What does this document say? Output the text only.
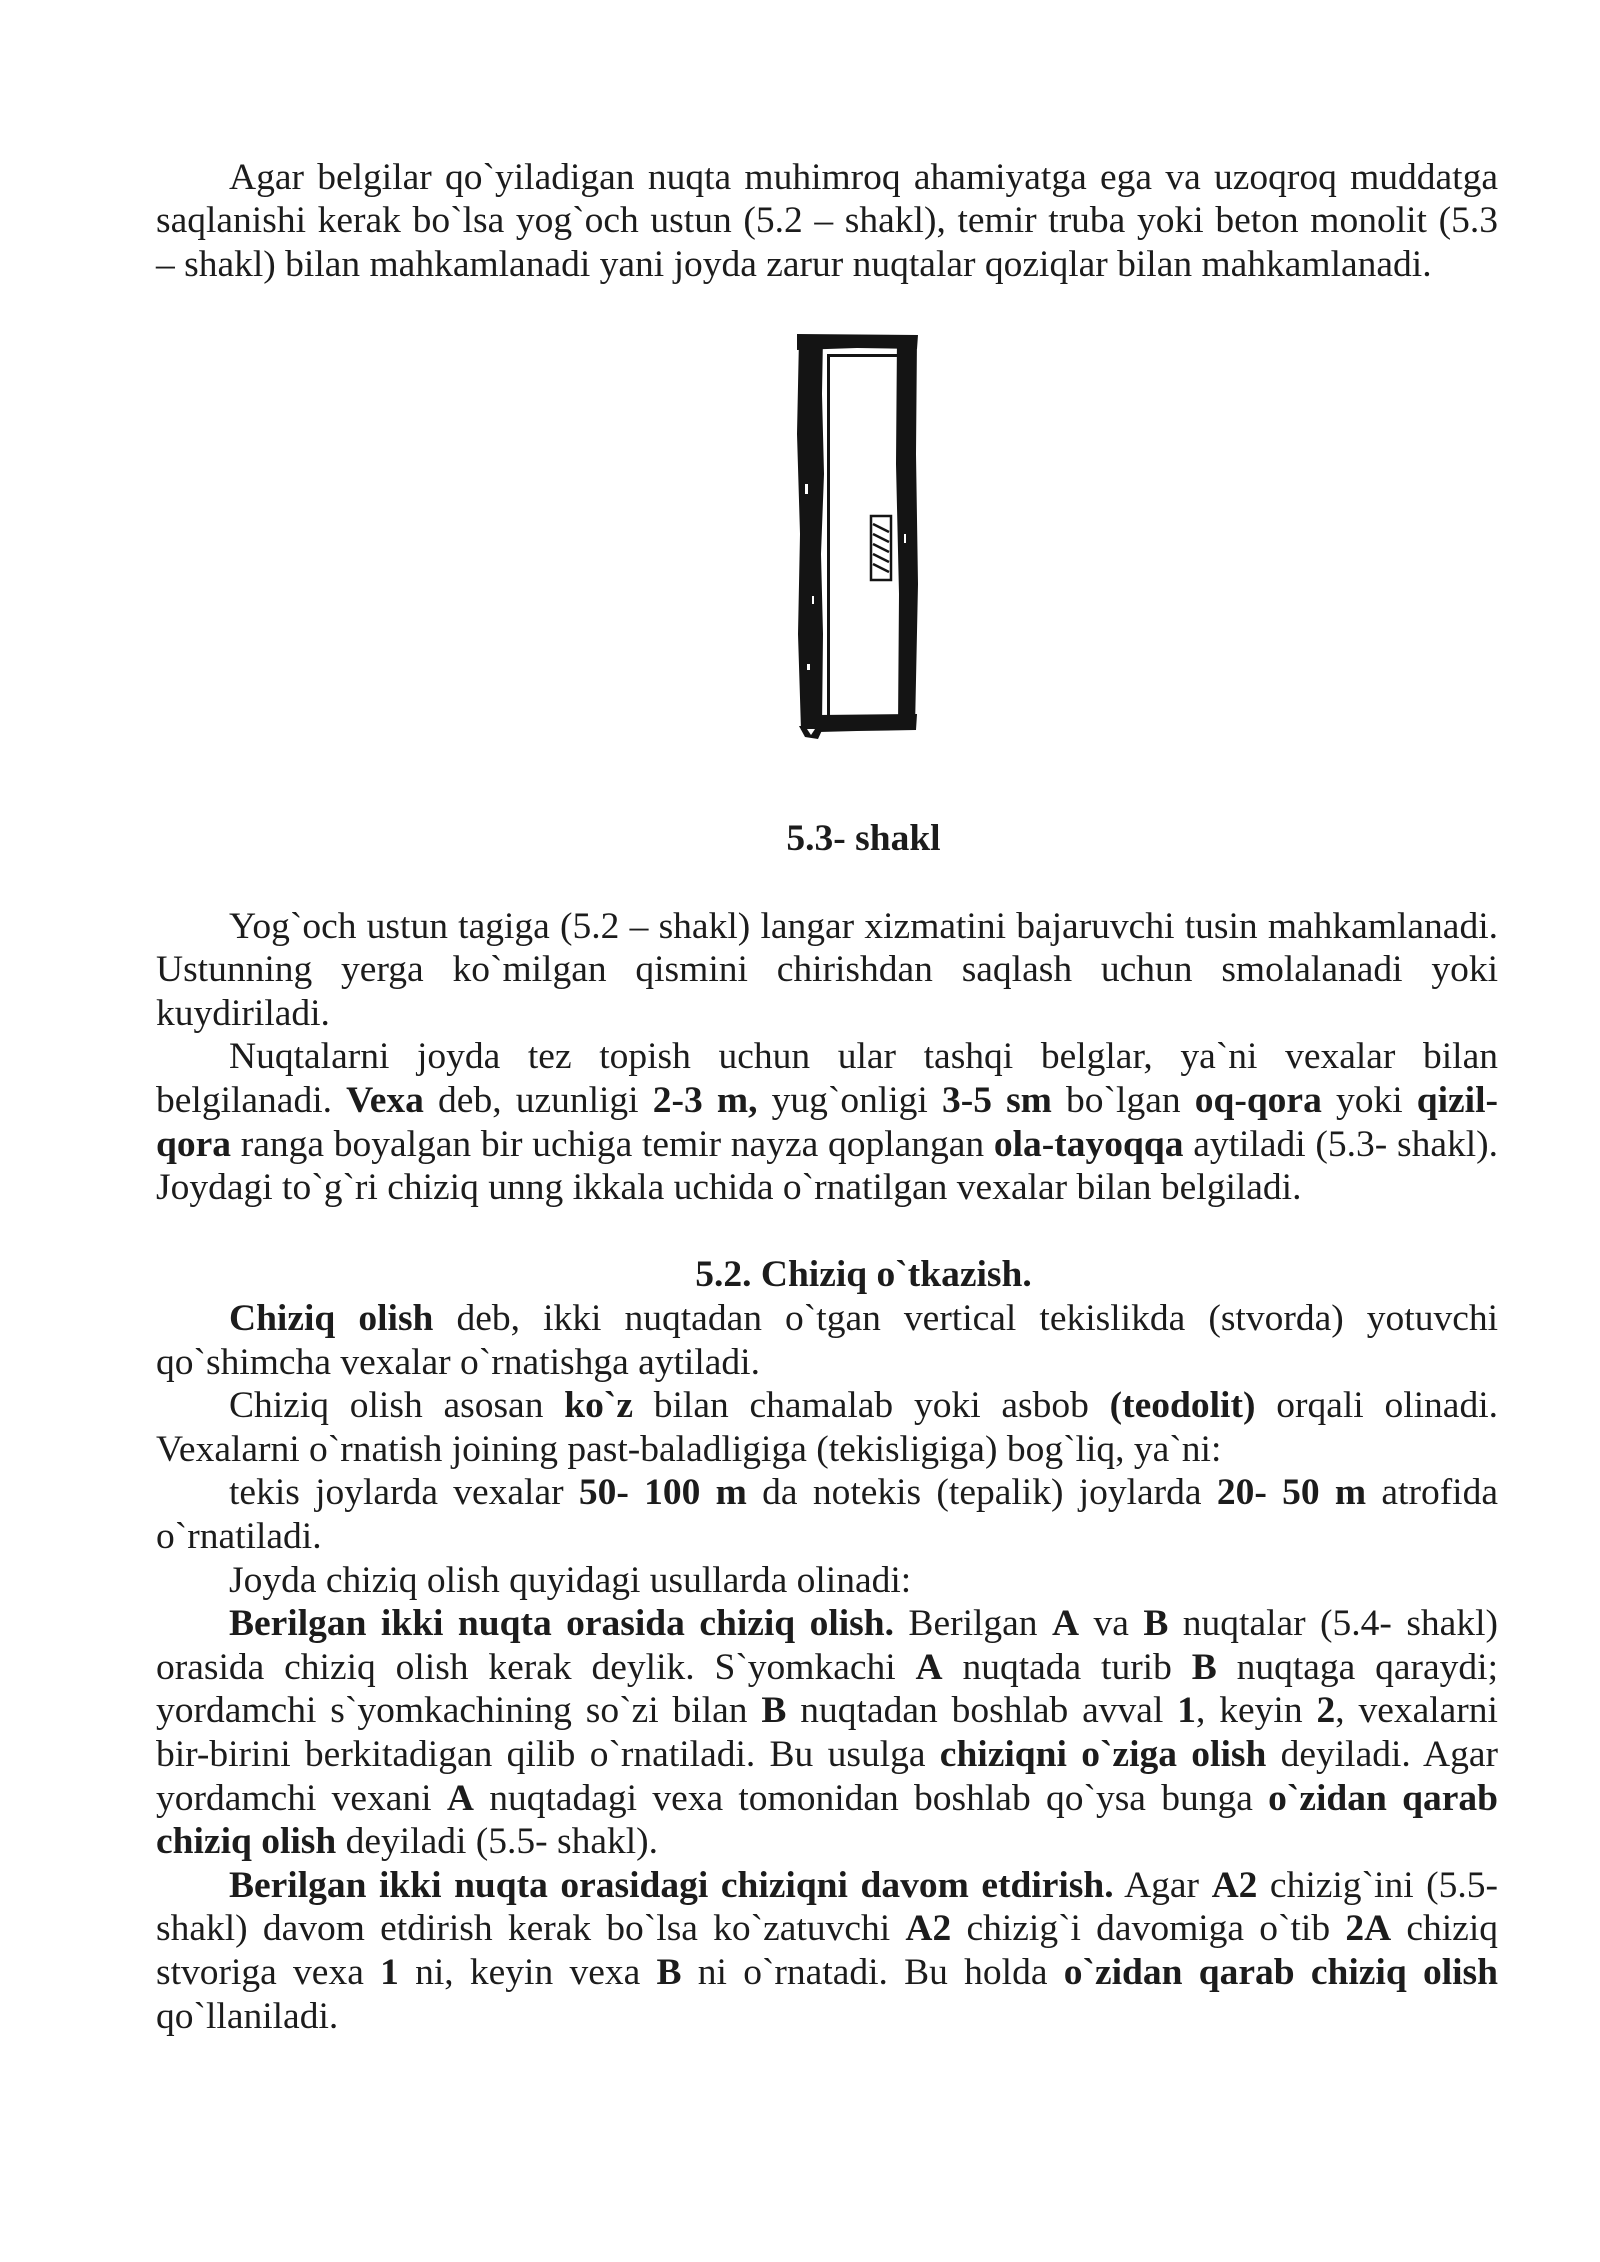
Agar belgilar qo`yiladigan nuqta muhimroq ahamiyatga ega va uzoqroq muddatga
saqlanishi kerak bo`lsa yog`och ustun (5.2 – shakl), temir truba yoki beton monolit (5.3
– shakl) bilan mahkamlanadi yani joyda zarur nuqtalar qoziqlar bilan mahkamlanadi.
5.3- shakl
Yog`och ustun tagiga (5.2 – shakl) langar xizmatini bajaruvchi tusin mahkamlanadi.
Ustunning yerga ko`milgan qismini chirishdan saqlash uchun smolalanadi yoki
kuydiriladi.
Nuqtalarni joyda tez topish uchun ular tashqi belglar, ya`ni vexalar bilan
belgilanadi. Vexa deb, uzunligi 2-3 m, yug`onligi 3-5 sm bo`lgan oq-qora yoki qizil-
qora ranga boyalgan bir uchiga temir nayza qoplangan ola-tayoqqa aytiladi (5.3- shakl).
Joydagi to`g`ri chiziq unng ikkala uchida o`rnatilgan vexalar bilan belgiladi.
5.2. Chiziq o`tkazish.
Chiziq olish deb, ikki nuqtadan o`tgan vertical tekislikda (stvorda) yotuvchi
qo`shimcha vexalar o`rnatishga aytiladi.
Chiziq olish asosan ko`z bilan chamalab yoki asbob (teodolit) orqali olinadi.
Vexalarni o`rnatish joining past-baladligiga (tekisligiga) bog`liq, ya`ni:
tekis joylarda vexalar 50- 100 m da notekis (tepalik) joylarda 20- 50 m atrofida
o`rnatiladi.
Joyda chiziq olish quyidagi usullarda olinadi:
Berilgan ikki nuqta orasida chiziq olish. Berilgan A va B nuqtalar (5.4- shakl)
orasida chiziq olish kerak deylik. S`yomkachi A nuqtada turib B nuqtaga qaraydi;
yordamchi s`yomkachining so`zi bilan B nuqtadan boshlab avval 1, keyin 2, vexalarni
bir-birini berkitadigan qilib o`rnatiladi. Bu usulga chiziqni o`ziga olish deyiladi. Agar
yordamchi vexani A nuqtadagi vexa tomonidan boshlab qo`ysa bunga o`zidan qarab
chiziq olish deyiladi (5.5- shakl).
Berilgan ikki nuqta orasidagi chiziqni davom etdirish. Agar A2 chizig`ini (5.5-
shakl) davom etdirish kerak bo`lsa ko`zatuvchi A2 chizig`i davomiga o`tib 2A chiziq
stvoriga vexa 1 ni, keyin vexa B ni o`rnatadi. Bu holda o`zidan qarab chiziq olish
qo`llaniladi.
